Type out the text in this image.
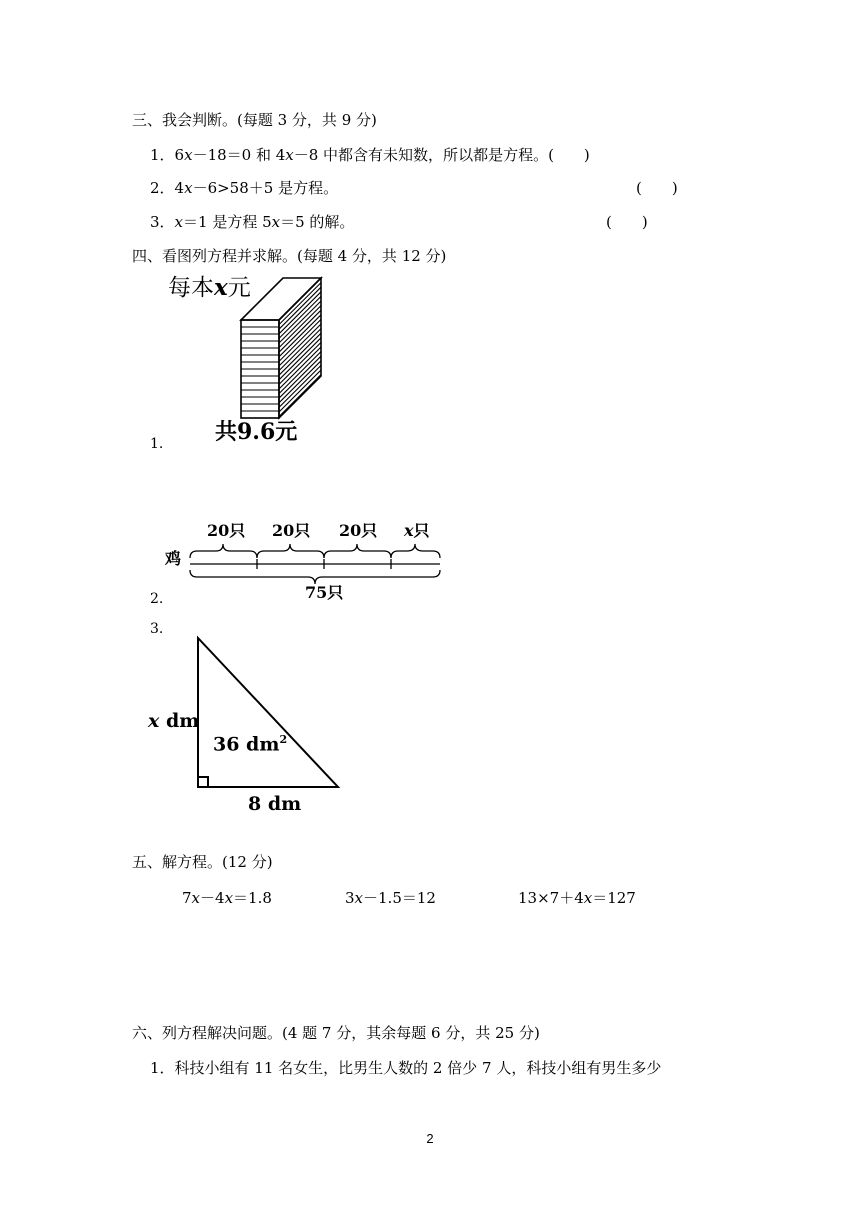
三、我会判断。(每题 3 分，共 9 分)
1．6x－18＝0 和 4x－8 中都含有未知数，所以都是方程。(　　)
2．4x－6>58＋5 是方程。	(　　)
3．x＝1 是方程 5x＝5 的解。	(　　)
四、看图列方程并求解。(每题 4 分，共 12 分)
每本x元
1. 共9.6元
2.
鸡
20只 20只 20只 x只
75只
3.
x dm
36 $dm^2$
8 dm
五、解方程。(12 分)
7x－4x＝1.8	3x－1.5＝12	13×7＋4x＝127
六、列方程解决问题。(4 题 7 分，其余每题 6 分，共 25 分)
1．科技小组有 11 名女生，比男生人数的 2 倍少 7 人，科技小组有男生多少
2
